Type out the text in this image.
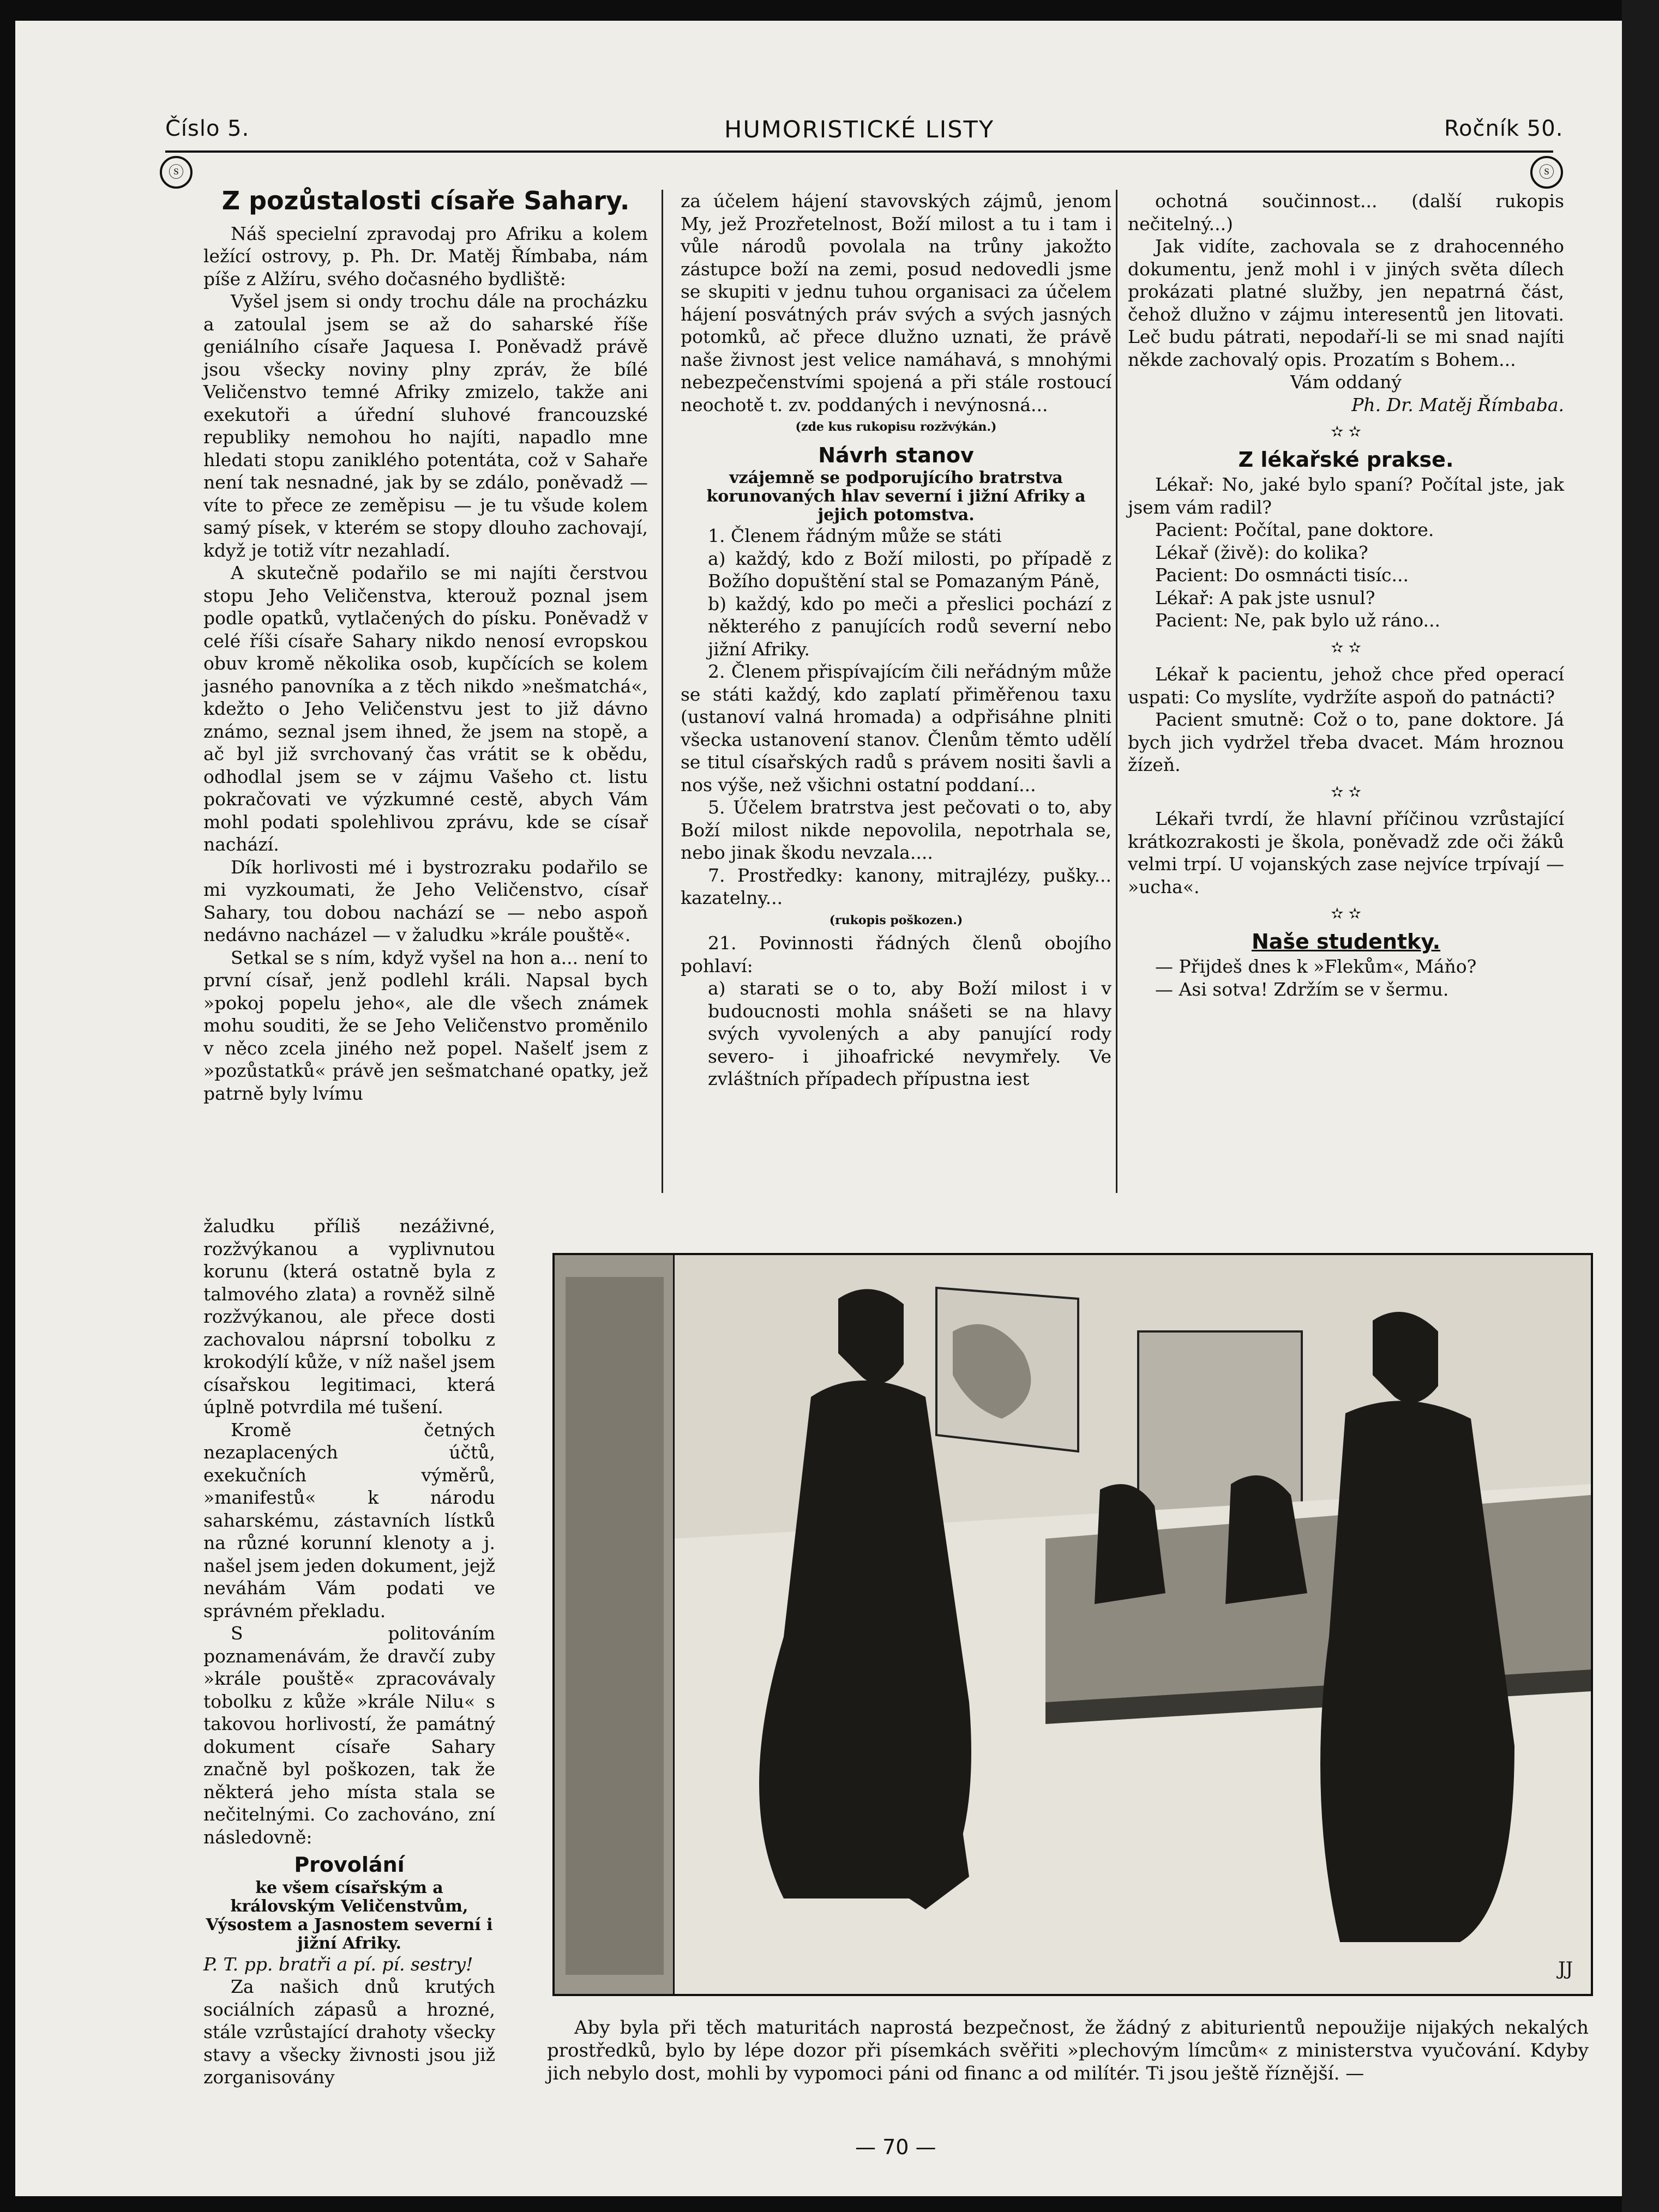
Číslo 5.	HUMORISTICKÉ LISTY	Ročník 50.
ⓢ	ⓢ
Z pozůstalosti císaře Sahary.

Náš specielní zpravodaj pro Afriku a kolem ležící ostrovy, p. Ph. Dr. Matěj Římbaba, nám píše z Alžíru, svého dočasného bydliště:

Vyšel jsem si ondy trochu dále na procházku a zatoulal jsem se až do saharské říše geniálního císaře Jaquesa I. Poněvadž právě jsou všecky noviny plny zpráv, že bílé Veličenstvo temné Afriky zmizelo, takže ani exekutoři a úřední sluhové francouzské republiky nemohou ho najíti, napadlo mne hledati stopu zaniklého potentáta, což v Sahaře není tak nesnadné, jak by se zdálo, poněvadž — víte to přece ze zeměpisu — je tu všude kolem samý písek, v kterém se stopy dlouho zachovají, když je totiž vítr nezahladí.

A skutečně podařilo se mi najíti čerstvou stopu Jeho Veličenstva, kterouž poznal jsem podle opatků, vytlačených do písku. Poněvadž v celé říši císaře Sahary nikdo nenosí evropskou obuv kromě několika osob, kupčících se kolem jasného panovníka a z těch nikdo »nešmatchá«, kdežto o Jeho Veličenstvu jest to již dávno známo, seznal jsem ihned, že jsem na stopě, a ač byl již svrchovaný čas vrátit se k obědu, odhodlal jsem se v zájmu Vašeho ct. listu pokračovati ve výzkumné cestě, abych Vám mohl podati spolehlivou zprávu, kde se císař nachází.

Dík horlivosti mé i bystrozraku podařilo se mi vyzkoumati, že Jeho Veličenstvo, císař Sahary, tou dobou nachází se — nebo aspoň nedávno nacházel — v žaludku »krále pouště«.

Setkal se s ním, když vyšel na hon a... není to první císař, jenž podlehl králi. Napsal bych »pokoj popelu jeho«, ale dle všech známek mohu souditi, že se Jeho Veličenstvo proměnilo v něco zcela jiného než popel. Našelť jsem z »pozůstatků« právě jen sešmatchané opatky, jež patrně byly lvímu

žaludku příliš nezáživné, rozžvýkanou a vyplivnutou korunu (která ostatně byla z talmového zlata) a rovněž silně rozžvýkanou, ale přece dosti zachovalou náprsní tobolku z krokodýlí kůže, v níž našel jsem císařskou legitimaci, která úplně potvrdila mé tušení.

Kromě četných nezaplacených účtů, exekučních výměrů, »manifestů« k národu saharskému, zástavních lístků na různé korunní klenoty a j. našel jsem jeden dokument, jejž neváhám Vám podati ve správném překladu.

S politováním poznamenávám, že dravčí zuby »krále pouště« zpracovávaly tobolku z kůže »krále Nilu« s takovou horlivostí, že památný dokument císaře Sahary značně byl poškozen, tak že některá jeho místa stala se nečitelnými. Co zachováno, zní následovně:

Provolání

ke všem císařským a královským Veličenstvům, Výsostem a Jasnostem severní i jižní Afriky.

P. T. pp. bratři a pí. pí. sestry!

Za našich dnů krutých sociálních zápasů a hrozné, stále vzrůstající drahoty všecky stavy a všecky živnosti jsou již zorganisovány

za účelem hájení stavovských zájmů, jenom My, jež Prozřetelnost, Boží milost a tu i tam i vůle národů povolala na trůny jakožto zástupce boží na zemi, posud nedovedli jsme se skupiti v jednu tuhou organisaci za účelem hájení posvátných práv svých a svých jasných potomků, ač přece dlužno uznati, že právě naše živnost jest velice namáhavá, s mnohými nebezpečenstvími spojená a při stále rostoucí neochotě t. zv. poddaných i nevýnosná...

(zde kus rukopisu rozžvýkán.)

Návrh stanov

vzájemně se podporujícího bratrstva korunovaných hlav severní i jižní Afriky a jejich potomstva.

1. Členem řádným může se státi

a) každý, kdo z Boží milosti, po případě z Božího dopuštění stal se Pomazaným Páně,

b) každý, kdo po meči a přeslici pochází z některého z panujících rodů severní nebo jižní Afriky.

2. Členem přispívajícím čili neřádným může se státi každý, kdo zaplatí přiměřenou taxu (ustanoví valná hromada) a odpřisáhne plniti všecka ustanovení stanov. Členům těmto udělí se titul císařských radů s právem nositi šavli a nos výše, než všichni ostatní poddaní...

5. Účelem bratrstva jest pečovati o to, aby Boží milost nikde nepovolila, nepotrhala se, nebo jinak škodu nevzala....

7. Prostředky: kanony, mitrajlézy, pušky... kazatelny...

(rukopis poškozen.)

21. Povinnosti řádných členů obojího pohlaví:

a) starati se o to, aby Boží milost i v budoucnosti mohla snášeti se na hlavy svých vyvolených a aby panující rody severo- i jihoafrické nevymřely. Ve zvláštních případech přípustna iest

ochotná součinnost... (další rukopis nečitelný...)

Jak vidíte, zachovala se z drahocenného dokumentu, jenž mohl i v jiných světa dílech prokázati platné služby, jen nepatrná část, čehož dlužno v zájmu interesentů jen litovati. Leč budu pátrati, nepodaří-li se mi snad najíti někde zachovalý opis. Prozatím s Bohem...

Vám oddaný

Ph. Dr. Matěj Římbaba.

✫ ✫
Z lékařské prakse.

Lékař: No, jaké bylo spaní? Počítal jste, jak jsem vám radil?

Pacient: Počítal, pane doktore.

Lékař (živě): do kolika?

Pacient: Do osmnácti tisíc...

Lékař: A pak jste usnul?

Pacient: Ne, pak bylo už ráno...

✫ ✫

Lékař k pacientu, jehož chce před operací uspati: Co myslíte, vydržíte aspoň do patnácti?

Pacient smutně: Což o to, pane doktore. Já bych jich vydržel třeba dvacet. Mám hroznou žízeň.

✫ ✫

Lékaři tvrdí, že hlavní příčinou vzrůstající krátkozrakosti je škola, poněvadž zde oči žáků velmi trpí. U vojanských zase nejvíce trpívají — »ucha«.

✫ ✫
Naše studentky.

— Přijdeš dnes k »Flekům«, Máňo?

— Asi sotva! Zdržím se v šermu.

JJ

Aby byla při těch maturitách naprostá bezpečnost, že žádný z abiturientů nepoužije nijakých nekalých prostředků, bylo by lépe dozor při písemkách svěřiti »plechovým límcům« z ministerstva vyučování. Kdyby jich nebylo dost, mohli by vypomoci páni od financ a od milítér. Ti jsou ještě říznější. —

— 70 —
